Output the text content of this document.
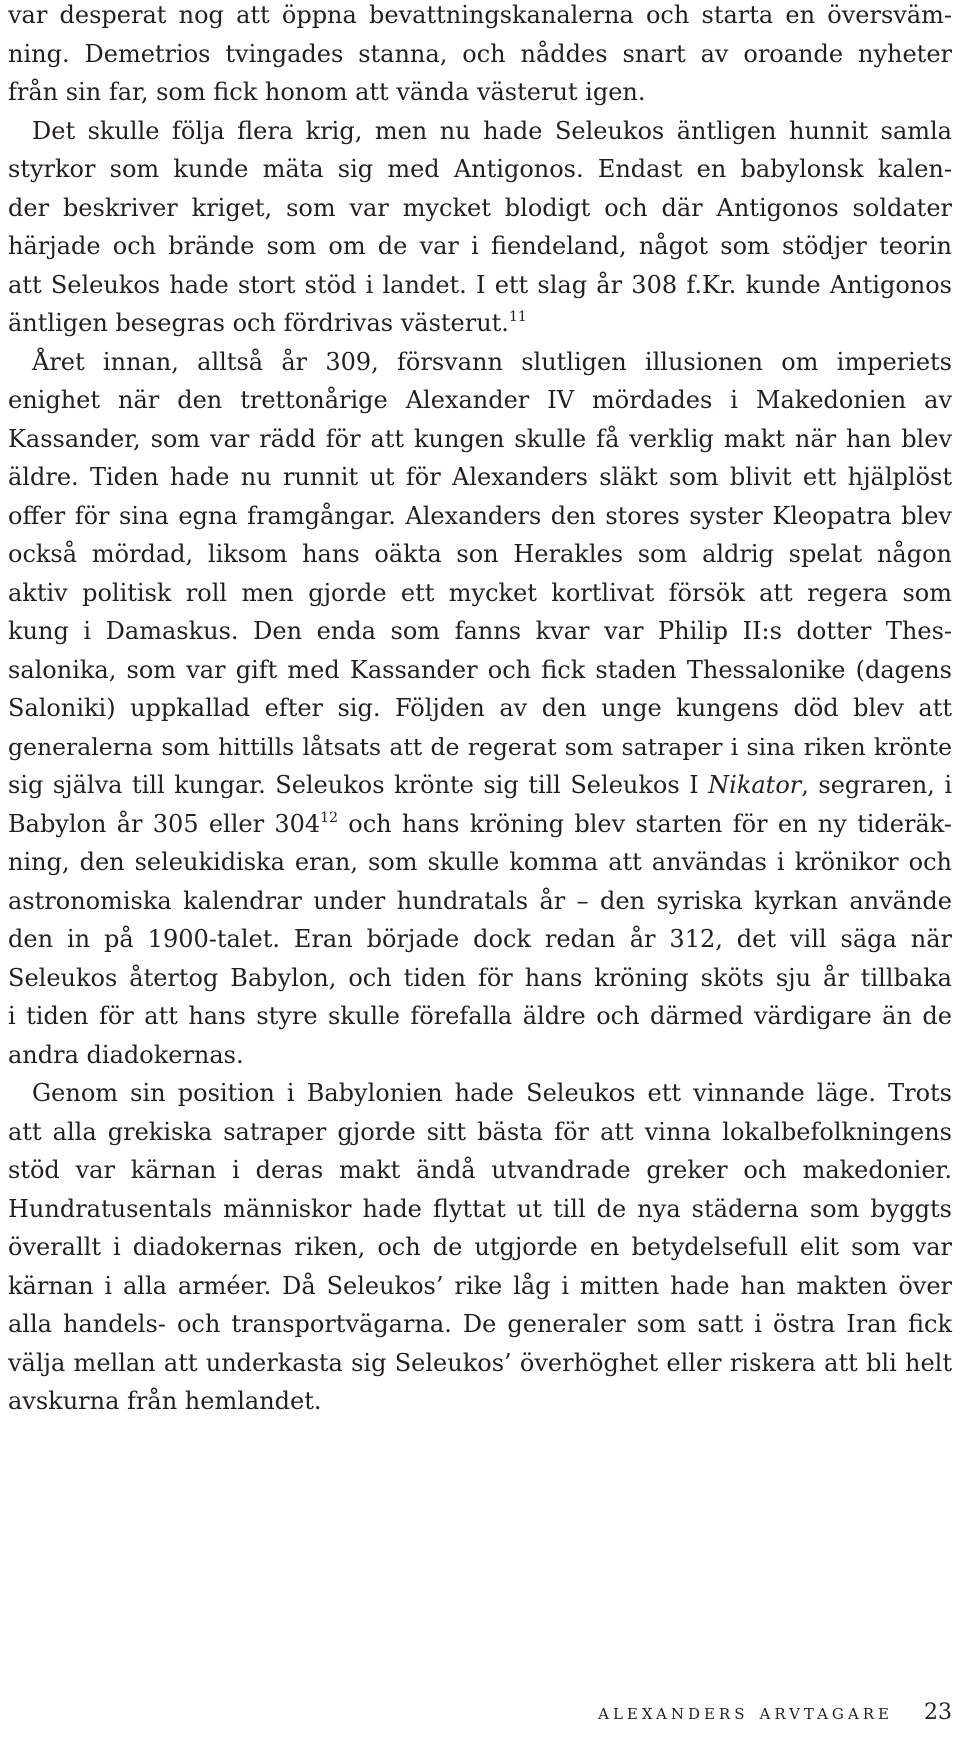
var desperat nog att öppna bevattningskanalerna och starta en översväm-
ning. Demetrios tvingades stanna, och nåddes snart av oroande nyheter
från sin far, som fick honom att vända västerut igen.
Det skulle följa flera krig, men nu hade Seleukos äntligen hunnit samla
styrkor som kunde mäta sig med Antigonos. Endast en babylonsk kalen-
der beskriver kriget, som var mycket blodigt och där Antigonos soldater
härjade och brände som om de var i fiendeland, något som stödjer teorin
att Seleukos hade stort stöd i landet. I ett slag år 308 f.Kr. kunde Antigonos
äntligen besegras och fördrivas västerut.$^{11}$
Året innan, alltså år 309, försvann slutligen illusionen om imperiets
enighet när den trettonårige Alexander IV mördades i Makedonien av
Kassander, som var rädd för att kungen skulle få verklig makt när han blev
äldre. Tiden hade nu runnit ut för Alexanders släkt som blivit ett hjälplöst
offer för sina egna framgångar. Alexanders den stores syster Kleopatra blev
också mördad, liksom hans oäkta son Herakles som aldrig spelat någon
aktiv politisk roll men gjorde ett mycket kortlivat försök att regera som
kung i Damaskus. Den enda som fanns kvar var Philip II:s dotter Thes-
salonika, som var gift med Kassander och fick staden Thessalonike (dagens
Saloniki) uppkallad efter sig. Följden av den unge kungens död blev att
generalerna som hittills låtsats att de regerat som satraper i sina riken krönte
sig själva till kungar. Seleukos krönte sig till Seleukos I Nikator, segraren, i
Babylon år 305 eller 304$^{12}$ och hans kröning blev starten för en ny tideräk-
ning, den seleukidiska eran, som skulle komma att användas i krönikor och
astronomiska kalendrar under hundratals år – den syriska kyrkan använde
den in på 1900-talet. Eran började dock redan år 312, det vill säga när
Seleukos återtog Babylon, och tiden för hans kröning sköts sju år tillbaka
i tiden för att hans styre skulle förefalla äldre och därmed värdigare än de
andra diadokernas.
Genom sin position i Babylonien hade Seleukos ett vinnande läge. Trots
att alla grekiska satraper gjorde sitt bästa för att vinna lokalbefolkningens
stöd var kärnan i deras makt ändå utvandrade greker och makedonier.
Hundratusentals människor hade flyttat ut till de nya städerna som byggts
överallt i diadokernas riken, och de utgjorde en betydelsefull elit som var
kärnan i alla arméer. Då Seleukos’ rike låg i mitten hade han makten över
alla handels- och transportvägarna. De generaler som satt i östra Iran fick
välja mellan att underkasta sig Seleukos’ överhöghet eller riskera att bli helt
avskurna från hemlandet.
alexanders arvtagare 23
